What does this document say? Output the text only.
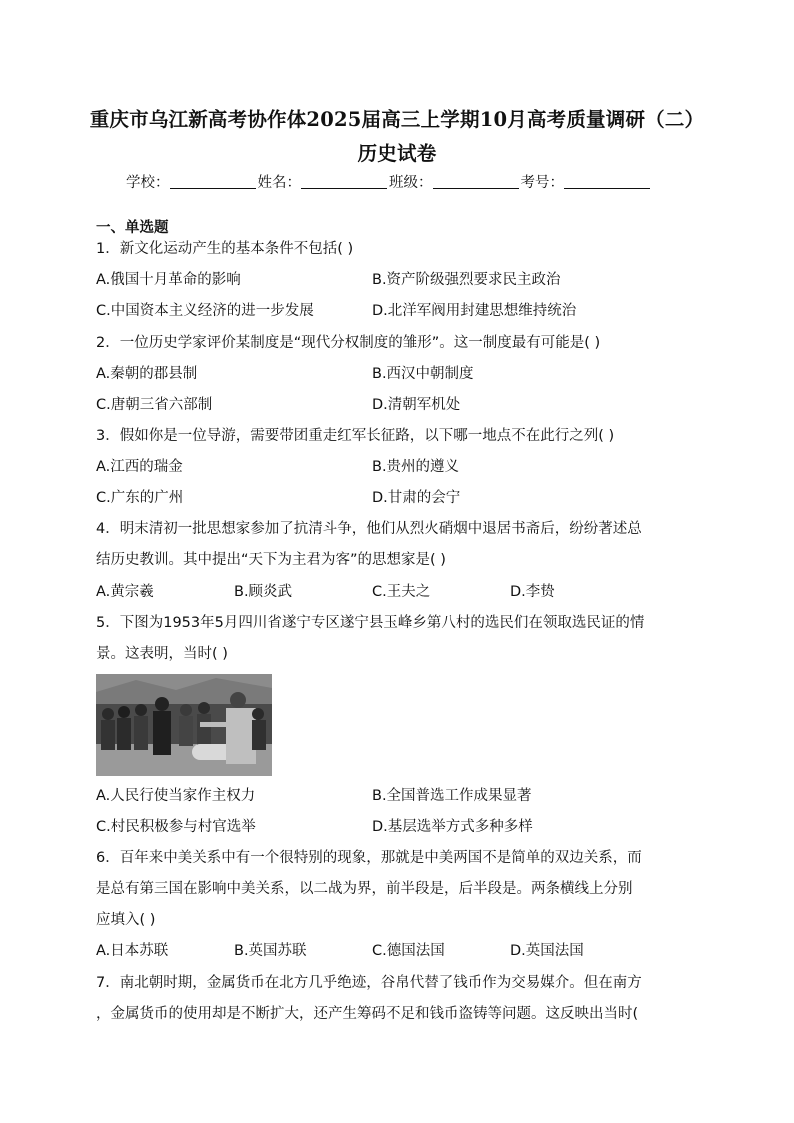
重庆市乌江新高考协作体2025届高三上学期10月高考质量调研（二）
历史试卷
学校：	姓名：	班级：	考号：
一、单选题
1．新文化运动产生的基本条件不包括( )
A.俄国十月革命的影响	B.资产阶级强烈要求民主政治
C.中国资本主义经济的进一步发展	D.北洋军阀用封建思想维持统治
2．一位历史学家评价某制度是“现代分权制度的雏形”。这一制度最有可能是( )
A.秦朝的郡县制	B.西汉中朝制度
C.唐朝三省六部制	D.清朝军机处
3．假如你是一位导游，需要带团重走红军长征路，以下哪一地点不在此行之列( )
A.江西的瑞金	B.贵州的遵义
C.广东的广州	D.甘肃的会宁
4．明末清初一批思想家参加了抗清斗争，他们从烈火硝烟中退居书斋后，纷纷著述总
结历史教训。其中提出“天下为主君为客”的思想家是( )
A.黄宗羲	B.顾炎武	C.王夫之	D.李贽
5．下图为1953年5月四川省遂宁专区遂宁县玉峰乡第八村的选民们在领取选民证的情
景。这表明，当时( )
A.人民行使当家作主权力	B.全国普选工作成果显著
C.村民积极参与村官选举	D.基层选举方式多种多样
6．百年来中美关系中有一个很特别的现象，那就是中美两国不是简单的双边关系，而
是总有第三国在影响中美关系，以二战为界，前半段是，后半段是。两条横线上分别
应填入( )
A.日本苏联	B.英国苏联	C.德国法国	D.英国法国
7．南北朝时期，金属货币在北方几乎绝迹，谷帛代替了钱币作为交易媒介。但在南方
，金属货币的使用却是不断扩大，还产生筹码不足和钱币盗铸等问题。这反映出当时(
